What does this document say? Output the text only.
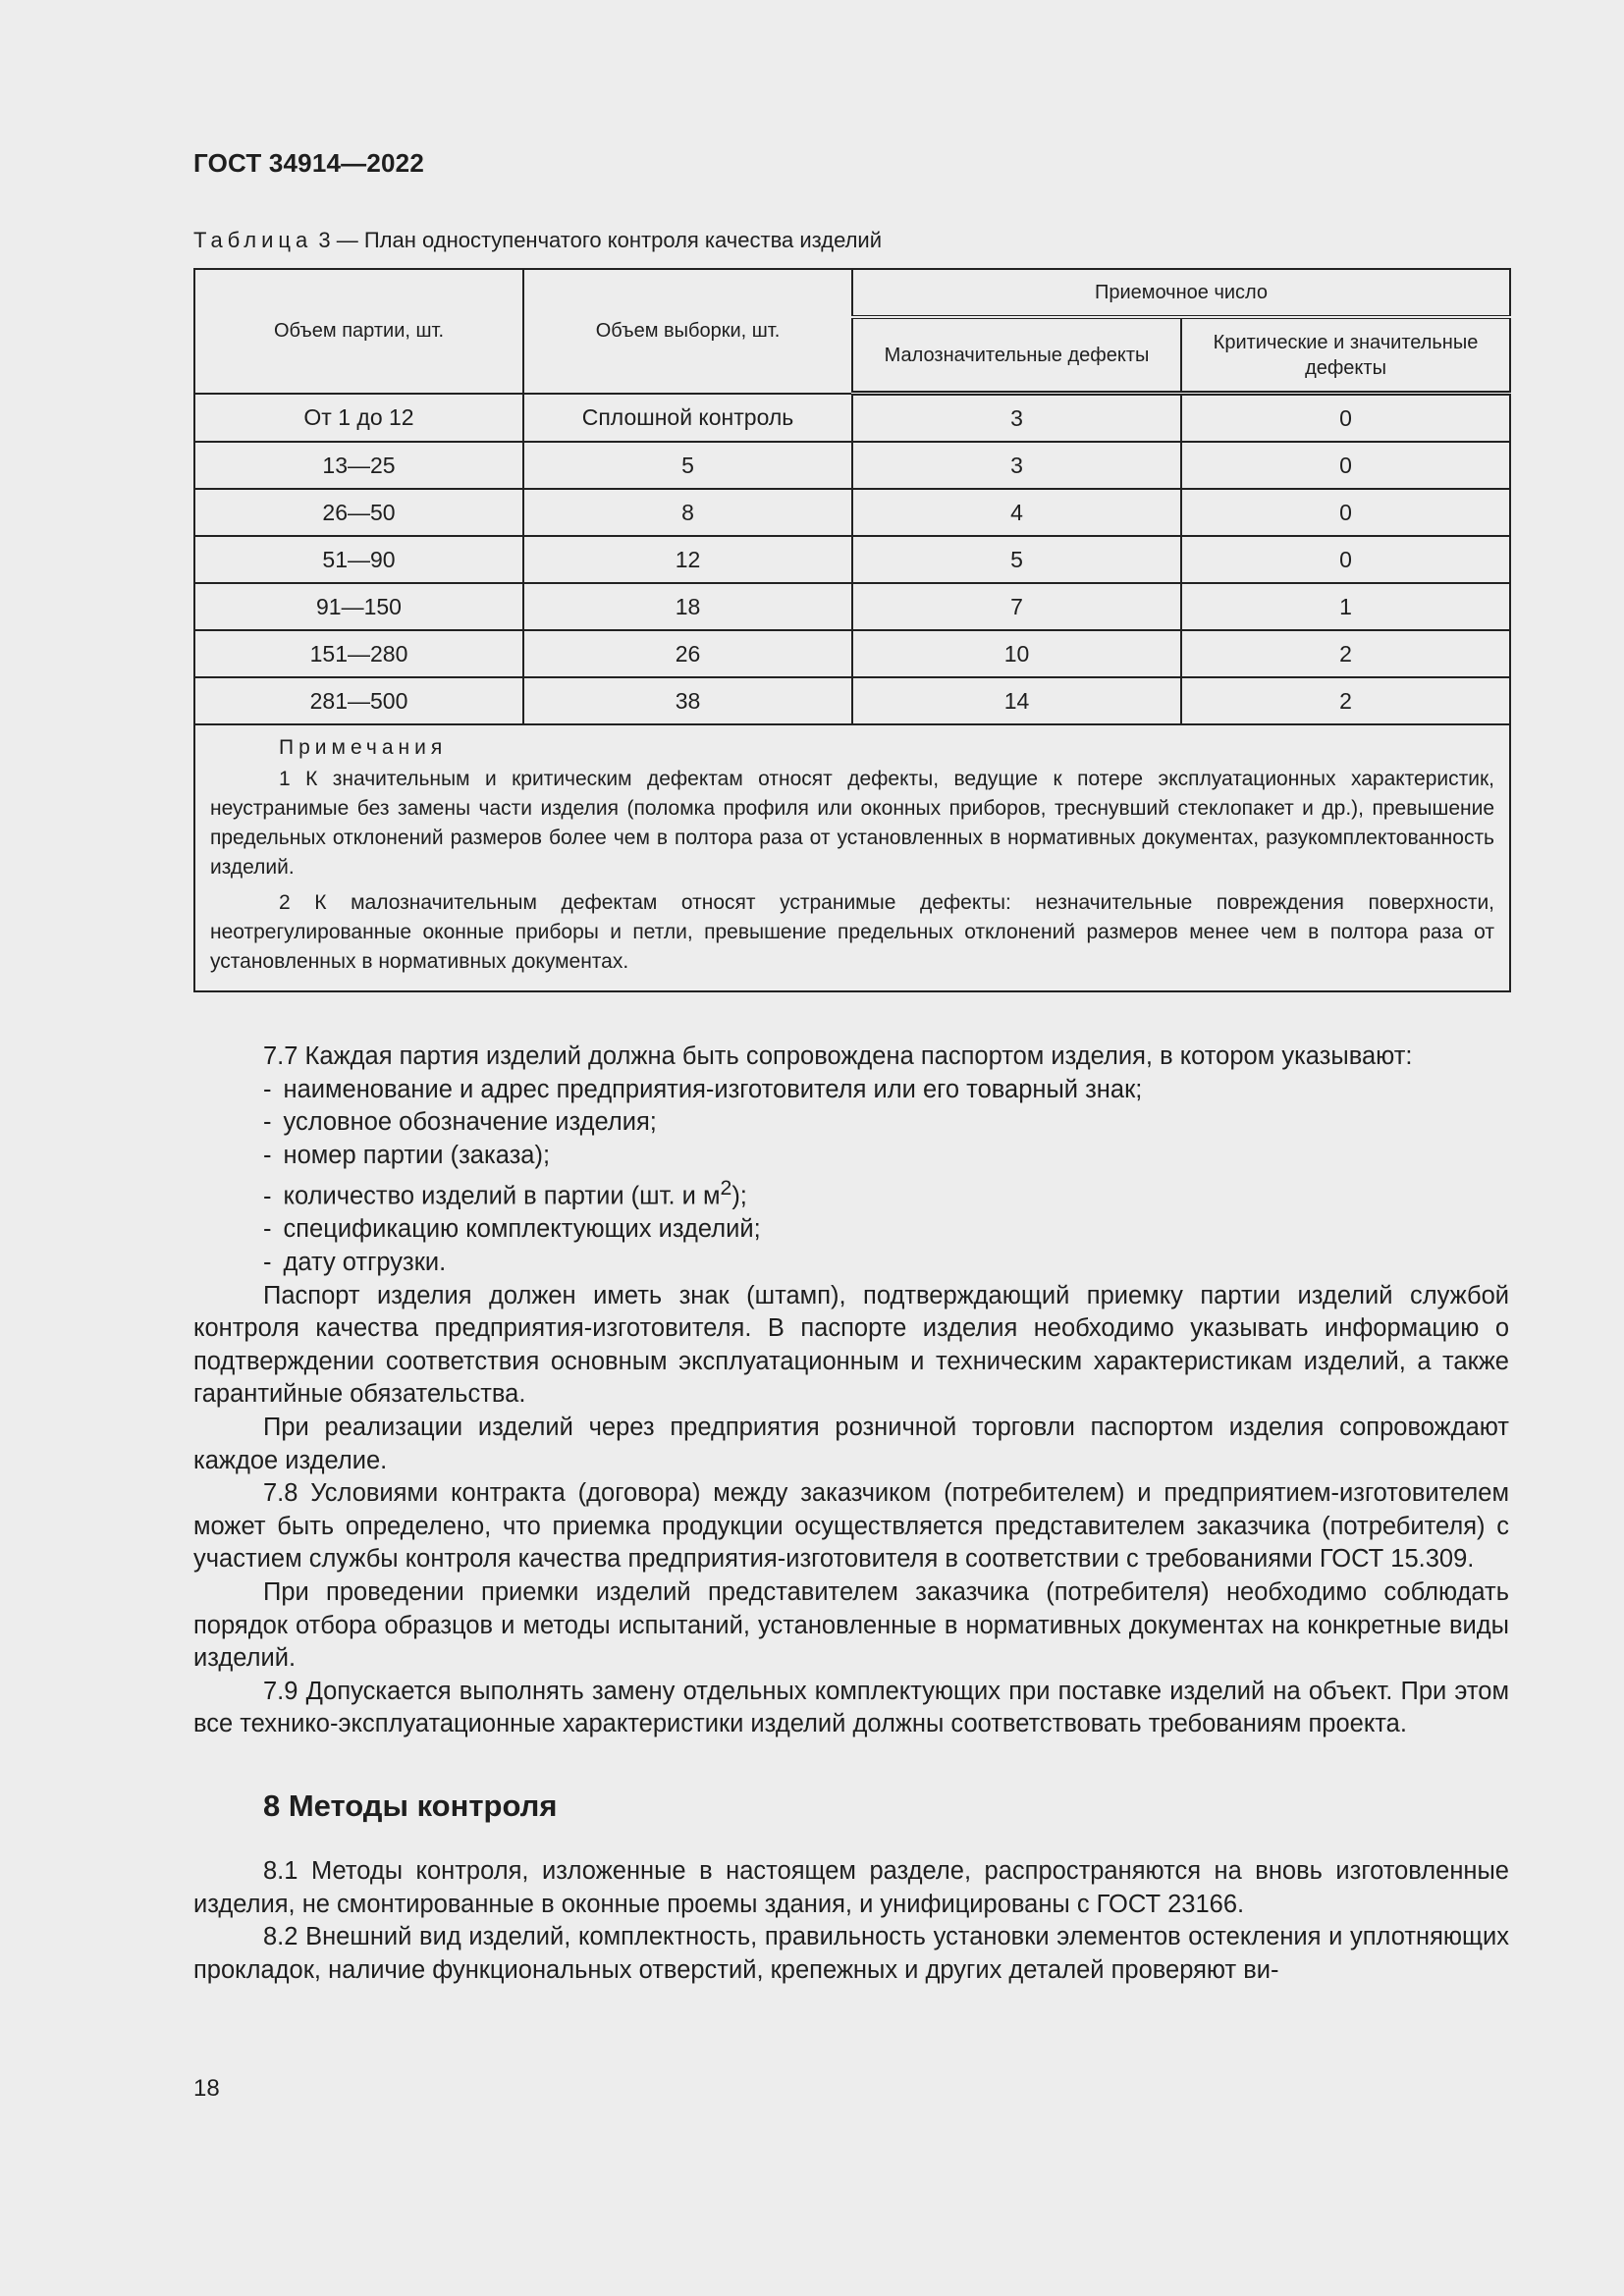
ГОСТ 34914—2022
Таблица 3 — План одноступенчатого контроля качества изделий
Объем партии, шт.	Объем выборки, шт.	Приемочное число	
		Малозначительные дефекты	Критические и значительные дефекты
От 1 до 12	Сплошной контроль	3	0
13—25	5	3	0
26—50	8	4	0
51—90	12	5	0
91—150	18	7	1
151—280	26	10	2
281—500	38	14	2

Примечания

1 К значительным и критическим дефектам относят дефекты, ведущие к потере эксплуатационных характеристик, неустранимые без замены части изделия (поломка профиля или оконных приборов, треснувший стеклопакет и др.), превышение предельных отклонений размеров более чем в полтора раза от установленных в нормативных документах, разукомплектованность изделий.

2 К малозначительным дефектам относят устранимые дефекты: незначительные повреждения поверхности, неотрегулированные оконные приборы и петли, превышение предельных отклонений размеров менее чем в полтора раза от установленных в нормативных документах.			

7.7 Каждая партия изделий должна быть сопровождена паспортом изделия, в котором указывают:

- наименование и адрес предприятия-изготовителя или его товарный знак;
- условное обозначение изделия;
- номер партии (заказа);
- количество изделий в партии (шт. и $м^2$);
- спецификацию комплектующих изделий;
- дату отгрузки.

Паспорт изделия должен иметь знак (штамп), подтверждающий приемку партии изделий службой контроля качества предприятия-изготовителя. В паспорте изделия необходимо указывать информацию о подтверждении соответствия основным эксплуатационным и техническим характеристикам изделий, а также гарантийные обязательства.

При реализации изделий через предприятия розничной торговли паспортом изделия сопровождают каждое изделие.

7.8 Условиями контракта (договора) между заказчиком (потребителем) и предприятием-изготовителем может быть определено, что приемка продукции осуществляется представителем заказчика (потребителя) с участием службы контроля качества предприятия-изготовителя в соответствии с требованиями ГОСТ 15.309.

При проведении приемки изделий представителем заказчика (потребителя) необходимо соблюдать порядок отбора образцов и методы испытаний, установленные в нормативных документах на конкретные виды изделий.

7.9 Допускается выполнять замену отдельных комплектующих при поставке изделий на объект. При этом все технико-эксплуатационные характеристики изделий должны соответствовать требованиям проекта.

8 Методы контроля

8.1 Методы контроля, изложенные в настоящем разделе, распространяются на вновь изготовленные изделия, не смонтированные в оконные проемы здания, и унифицированы с ГОСТ 23166.

8.2 Внешний вид изделий, комплектность, правильность установки элементов остекления и уплотняющих прокладок, наличие функциональных отверстий, крепежных и других деталей проверяют ви-

18
